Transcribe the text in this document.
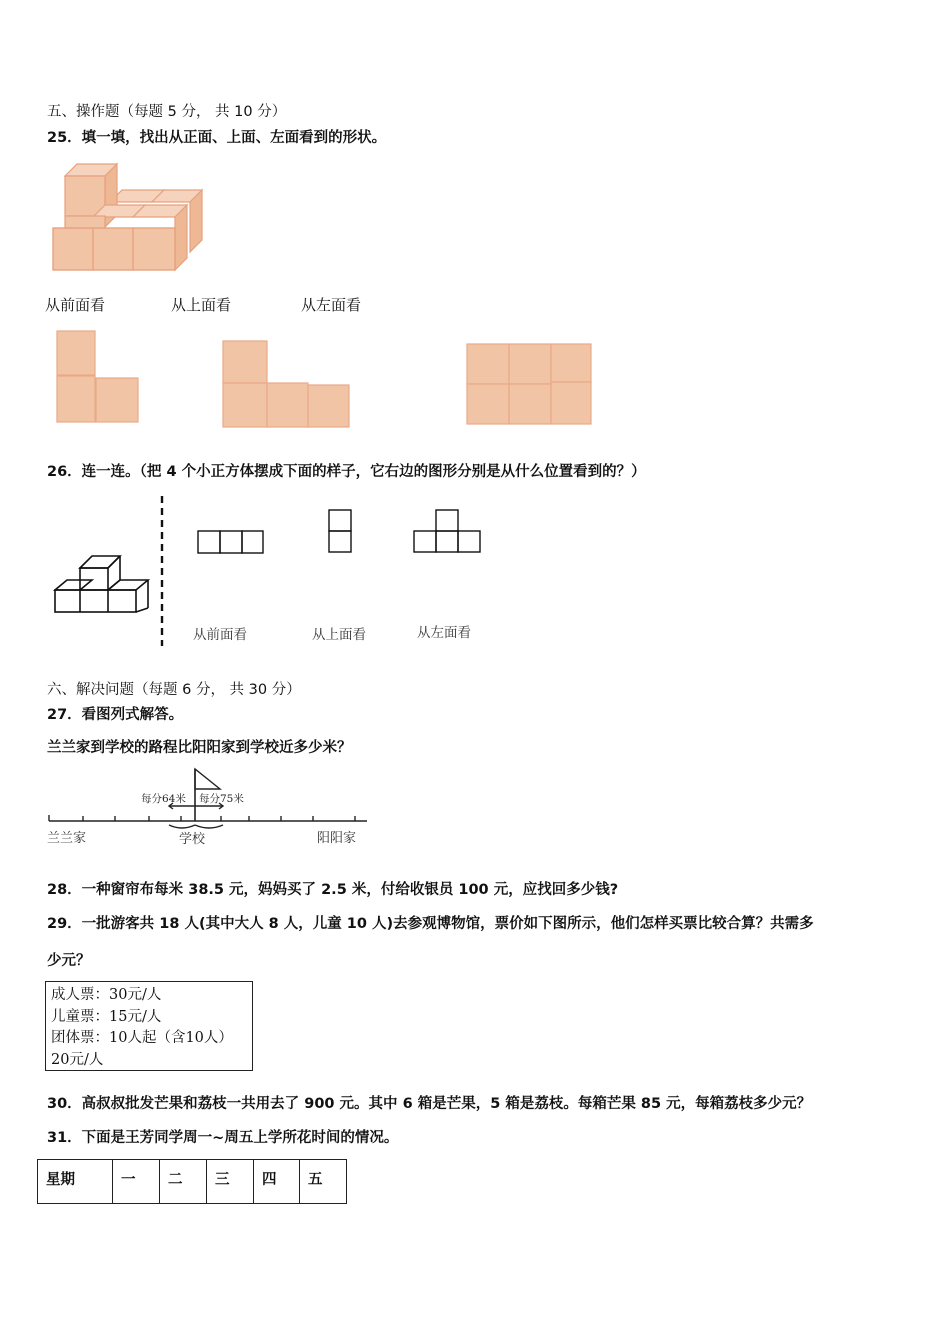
五、操作题（每题 5 分， 共 10 分）
25．填一填，找出从正面、上面、左面看到的形状。
从前面看	从上面看	从左面看
26．连一连。（把 4 个小正方体摆成下面的样子，它右边的图形分别是从什么位置看到的？）
从前面看	从上面看	从左面看
六、解决问题（每题 6 分， 共 30 分）
27．看图列式解答。
兰兰家到学校的路程比阳阳家到学校近多少米？
每分64米 每分75米
兰兰家	学校	阳阳家
28．一种窗帘布每米 38.5 元，妈妈买了 2.5 米，付给收银员 100 元，应找回多少钱?
29．一批游客共 18 人(其中大人 8 人，儿童 10 人)去参观博物馆，票价如下图所示，他们怎样买票比较合算？共需多
少元？
成人票：30元/人
儿童票：15元/人
团体票：10人起（含10人）
20元/人
30．高叔叔批发芒果和荔枝一共用去了 900 元。其中 6 箱是芒果，5 箱是荔枝。每箱芒果 85 元，每箱荔枝多少元？
31．下面是王芳同学周一~周五上学所花时间的情况。
星期	一	二	三	四	五
